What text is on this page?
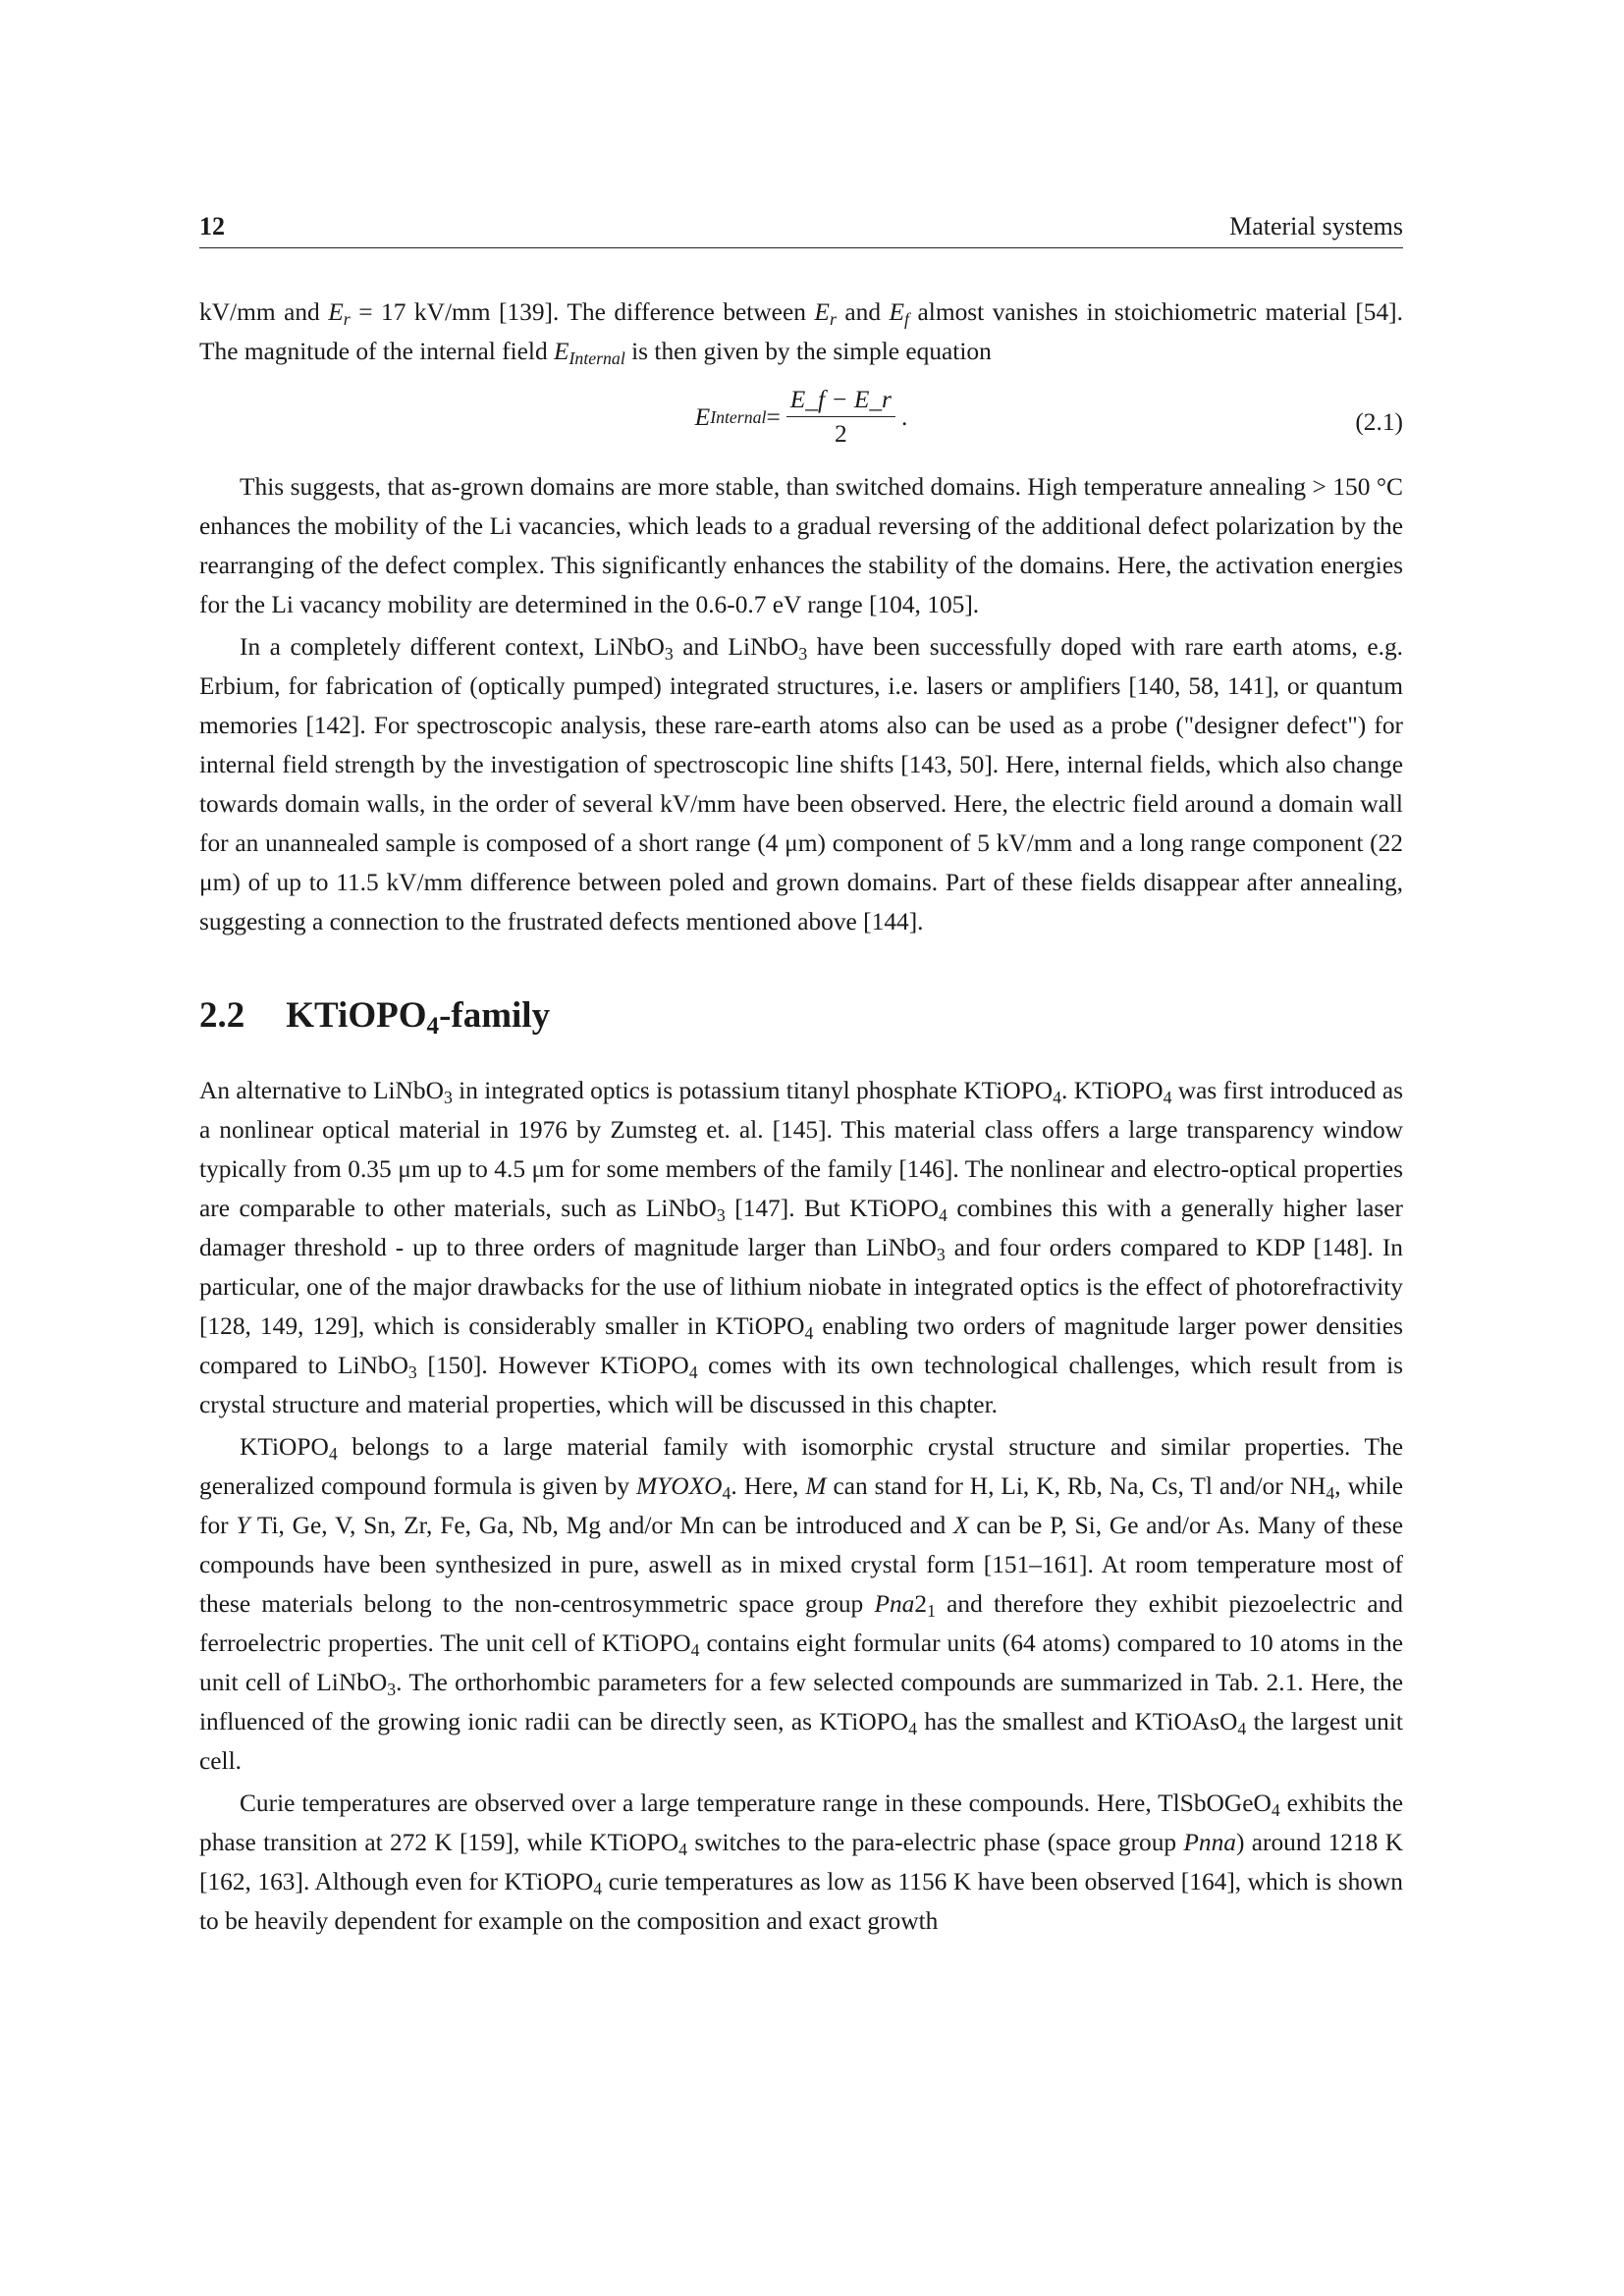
12	Material systems

kV/mm and $E_r = 17$ kV/mm [139]. The difference between $E_r$ and $E_f$ almost vanishes in stoichiometric material [54]. The magnitude of the internal field $E_{Internal}$ is then given by the simple equation

E Internal = $\frac{E\_f - E\_r}{2}$ .	(2.1)

This suggests, that as-grown domains are more stable, than switched domains. High temperature annealing > 150 °C enhances the mobility of the Li vacancies, which leads to a gradual reversing of the additional defect polarization by the rearranging of the defect complex. This significantly enhances the stability of the domains. Here, the activation energies for the Li vacancy mobility are determined in the 0.6-0.7 eV range [104, 105].

In a completely different context, LiNbO$_3$ and LiNbO$_3$ have been successfully doped with rare earth atoms, e.g. Erbium, for fabrication of (optically pumped) integrated structures, i.e. lasers or amplifiers [140, 58, 141], or quantum memories [142]. For spectroscopic analysis, these rare-earth atoms also can be used as a probe ("designer defect") for internal field strength by the investigation of spectroscopic line shifts [143, 50]. Here, internal fields, which also change towards domain walls, in the order of several kV/mm have been observed. Here, the electric field around a domain wall for an unannealed sample is composed of a short range (4 μm) component of 5 kV/mm and a long range component (22 μm) of up to 11.5 kV/mm difference between poled and grown domains. Part of these fields disappear after annealing, suggesting a connection to the frustrated defects mentioned above [144].

2.2 KTiOPO$_4$-family

An alternative to LiNbO$_3$ in integrated optics is potassium titanyl phosphate KTiOPO$_4$. KTiOPO$_4$ was first introduced as a nonlinear optical material in 1976 by Zumsteg et. al. [145]. This material class offers a large transparency window typically from 0.35 μm up to 4.5 μm for some members of the family [146]. The nonlinear and electro-optical properties are comparable to other materials, such as LiNbO$_3$ [147]. But KTiOPO$_4$ combines this with a generally higher laser damager threshold - up to three orders of magnitude larger than LiNbO$_3$ and four orders compared to KDP [148]. In particular, one of the major drawbacks for the use of lithium niobate in integrated optics is the effect of photorefractivity [128, 149, 129], which is considerably smaller in KTiOPO$_4$ enabling two orders of magnitude larger power densities compared to LiNbO$_3$ [150]. However KTiOPO$_4$ comes with its own technological challenges, which result from is crystal structure and material properties, which will be discussed in this chapter.

KTiOPO$_4$ belongs to a large material family with isomorphic crystal structure and similar properties. The generalized compound formula is given by $MYOXO_4$. Here, M can stand for H, Li, K, Rb, Na, Cs, Tl and/or $NH_4$, while for Y Ti, Ge, V, Sn, Zr, Fe, Ga, Nb, Mg and/or Mn can be introduced and X can be P, Si, Ge and/or As. Many of these compounds have been synthesized in pure, aswell as in mixed crystal form [151–161]. At room temperature most of these materials belong to the non-centrosymmetric space group $Pna2_1$ and therefore they exhibit piezoelectric and ferroelectric properties. The unit cell of KTiOPO$_4$ contains eight formular units (64 atoms) compared to 10 atoms in the unit cell of LiNbO$_3$. The orthorhombic parameters for a few selected compounds are summarized in Tab. 2.1. Here, the influenced of the growing ionic radii can be directly seen, as KTiOPO$_4$ has the smallest and KTiOAsO$_4$ the largest unit cell.

Curie temperatures are observed over a large temperature range in these compounds. Here, TlSbOGeO$_4$ exhibits the phase transition at 272 K [159], while KTiOPO$_4$ switches to the para-electric phase (space group Pnna) around 1218 K [162, 163]. Although even for KTiOPO$_4$ curie temperatures as low as 1156 K have been observed [164], which is shown to be heavily dependent for example on the composition and exact growth
